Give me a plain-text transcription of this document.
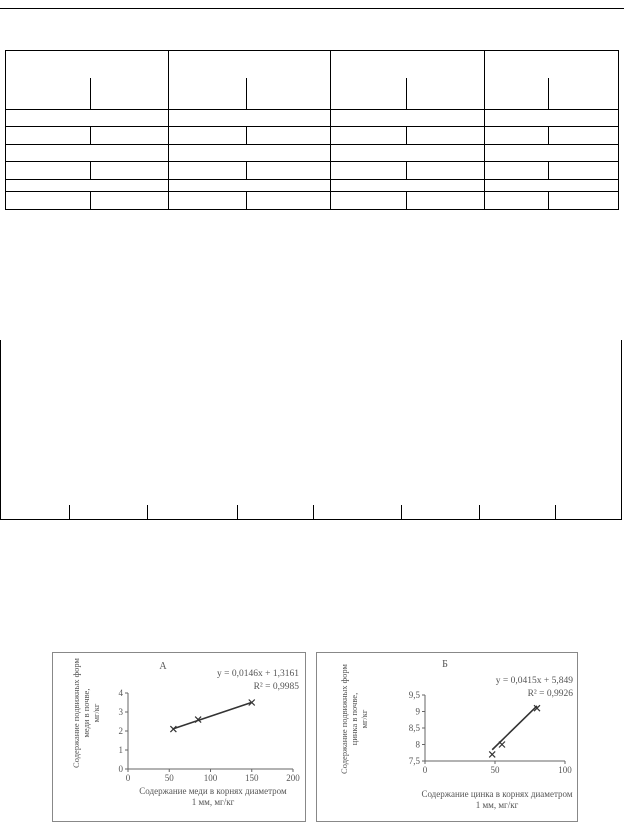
0	50	100	150	200
0
1
2
3
4
А
y = 0,0146x + 1,3161
R² = 0,9985
Содержание меди в корнях диаметром
1 мм, мг/кг
Содержание подвижных форм меди в почве, мг/кг
0	50	100
7,5
8
8,5
9
9,5
Б
y = 0,0415x + 5,849
R² = 0,9926
Содержание цинка в корнях диаметром
1 мм, мг/кг
Содержание подвижных форм цинка в почве, мг/кг
